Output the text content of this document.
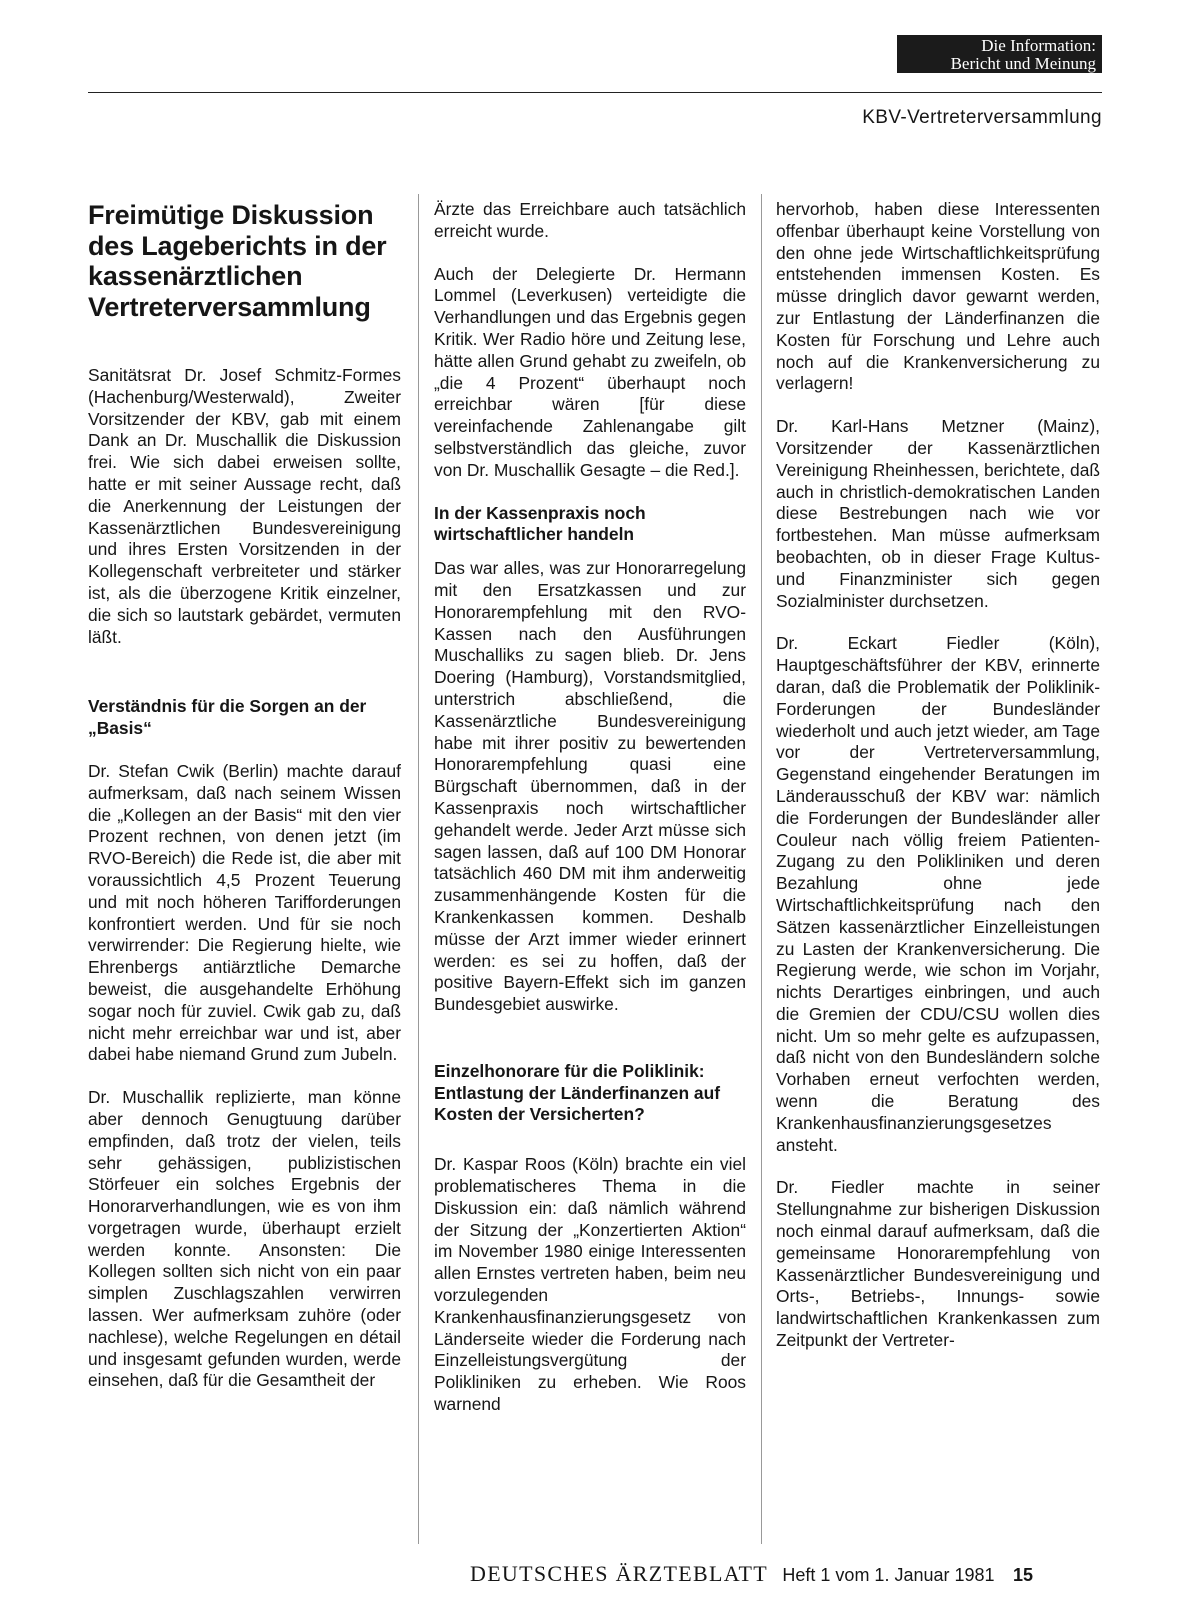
Die Information:
Bericht und Meinung
KBV-Vertreterversammlung
Freimütige Diskussion des Lageberichts in der kassenärztlichen Vertreterversammlung

Sanitätsrat Dr. Josef Schmitz-Formes (Hachenburg/Westerwald), Zweiter Vorsitzender der KBV, gab mit einem Dank an Dr. Muschallik die Diskussion frei. Wie sich dabei erweisen sollte, hatte er mit seiner Aussage recht, daß die Anerkennung der Leistungen der Kassenärztlichen Bundesvereinigung und ihres Ersten Vorsitzenden in der Kollegenschaft verbreiteter und stärker ist, als die überzogene Kritik einzelner, die sich so lautstark gebärdet, vermuten läßt.

Verständnis für die Sorgen an der „Basis“

Dr. Stefan Cwik (Berlin) machte darauf aufmerksam, daß nach seinem Wissen die „Kollegen an der Basis“ mit den vier Prozent rechnen, von denen jetzt (im RVO-Bereich) die Rede ist, die aber mit voraussichtlich 4,5 Prozent Teuerung und mit noch höheren Tarifforderungen konfrontiert werden. Und für sie noch verwirrender: Die Regierung hielte, wie Ehrenbergs antiärztliche Demarche beweist, die ausgehandelte Erhöhung sogar noch für zuviel. Cwik gab zu, daß nicht mehr erreichbar war und ist, aber dabei habe niemand Grund zum Jubeln.

Dr. Muschallik replizierte, man könne aber dennoch Genugtuung darüber empfinden, daß trotz der vielen, teils sehr gehässigen, publizistischen Störfeuer ein solches Ergebnis der Honorarverhandlungen, wie es von ihm vorgetragen wurde, überhaupt erzielt werden konnte. Ansonsten: Die Kollegen sollten sich nicht von ein paar simplen Zuschlagszahlen verwirren lassen. Wer aufmerksam zuhöre (oder nachlese), welche Regelungen en détail und insgesamt gefunden wurden, werde einsehen, daß für die Gesamtheit der

Ärzte das Erreichbare auch tatsächlich erreicht wurde.

Auch der Delegierte Dr. Hermann Lommel (Leverkusen) verteidigte die Verhandlungen und das Ergebnis gegen Kritik. Wer Radio höre und Zeitung lese, hätte allen Grund gehabt zu zweifeln, ob „die 4 Prozent“ überhaupt noch erreichbar wären [für diese vereinfachende Zahlenangabe gilt selbstverständlich das gleiche, zuvor von Dr. Muschallik Gesagte – die Red.].

In der Kassenpraxis noch wirtschaftlicher handeln

Das war alles, was zur Honorarregelung mit den Ersatzkassen und zur Honorarempfehlung mit den RVO-Kassen nach den Ausführungen Muschalliks zu sagen blieb. Dr. Jens Doering (Hamburg), Vorstandsmitglied, unterstrich abschließend, die Kassenärztliche Bundesvereinigung habe mit ihrer positiv zu bewertenden Honorarempfehlung quasi eine Bürgschaft übernommen, daß in der Kassenpraxis noch wirtschaftlicher gehandelt werde. Jeder Arzt müsse sich sagen lassen, daß auf 100 DM Honorar tatsächlich 460 DM mit ihm anderweitig zusammenhängende Kosten für die Krankenkassen kommen. Deshalb müsse der Arzt immer wieder erinnert werden: es sei zu hoffen, daß der positive Bayern-Effekt sich im ganzen Bundesgebiet auswirke.

Einzelhonorare für die Poliklinik: Entlastung der Länderfinanzen auf Kosten der Versicherten?

Dr. Kaspar Roos (Köln) brachte ein viel problematischeres Thema in die Diskussion ein: daß nämlich während der Sitzung der „Konzertierten Aktion“ im November 1980 einige Interessenten allen Ernstes vertreten haben, beim neu vorzulegenden Krankenhausfinanzierungsgesetz von Länderseite wieder die Forderung nach Einzelleistungsvergütung der Polikliniken zu erheben. Wie Roos warnend

hervorhob, haben diese Interessenten offenbar überhaupt keine Vorstellung von den ohne jede Wirtschaftlichkeitsprüfung entstehenden immensen Kosten. Es müsse dringlich davor gewarnt werden, zur Entlastung der Länderfinanzen die Kosten für Forschung und Lehre auch noch auf die Krankenversicherung zu verlagern!

Dr. Karl-Hans Metzner (Mainz), Vorsitzender der Kassenärztlichen Vereinigung Rheinhessen, berichtete, daß auch in christlich-demokratischen Landen diese Bestrebungen nach wie vor fortbestehen. Man müsse aufmerksam beobachten, ob in dieser Frage Kultus- und Finanzminister sich gegen Sozialminister durchsetzen.

Dr. Eckart Fiedler (Köln), Hauptgeschäftsführer der KBV, erinnerte daran, daß die Problematik der Poliklinik-Forderungen der Bundesländer wiederholt und auch jetzt wieder, am Tage vor der Vertreterversammlung, Gegenstand eingehender Beratungen im Länderausschuß der KBV war: nämlich die Forderungen der Bundesländer aller Couleur nach völlig freiem Patienten-Zugang zu den Polikliniken und deren Bezahlung ohne jede Wirtschaftlichkeitsprüfung nach den Sätzen kassenärztlicher Einzelleistungen zu Lasten der Krankenversicherung. Die Regierung werde, wie schon im Vorjahr, nichts Derartiges einbringen, und auch die Gremien der CDU/CSU wollen dies nicht. Um so mehr gelte es aufzupassen, daß nicht von den Bundesländern solche Vorhaben erneut verfochten werden, wenn die Beratung des Krankenhausfinanzierungsgesetzes ansteht.

Dr. Fiedler machte in seiner Stellungnahme zur bisherigen Diskussion noch einmal darauf aufmerksam, daß die gemeinsame Honorarempfehlung von Kassenärztlicher Bundesvereinigung und Orts-, Betriebs-, Innungs- sowie landwirtschaftlichen Krankenkassen zum Zeitpunkt der Vertreter-

DEUTSCHES ÄRZTEBLATT Heft 1 vom 1. Januar 1981 15
